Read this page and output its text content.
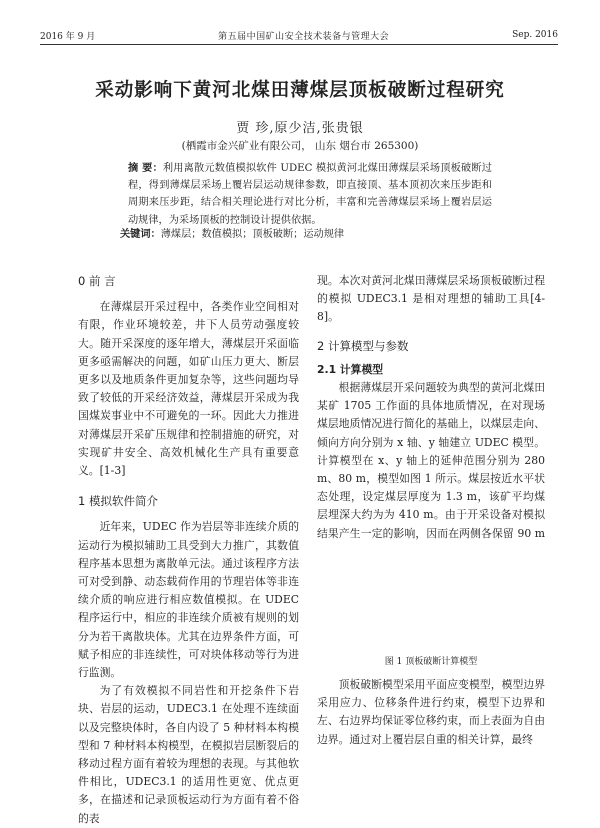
2016 年 9 月	第五届中国矿山安全技术装备与管理大会	Sep. 2016
采动影响下黄河北煤田薄煤层顶板破断过程研究
贾 珍,原少洁,张贵银
(栖霞市金兴矿业有限公司， 山东 烟台市 265300)
摘 要：利用离散元数值模拟软件 UDEC 模拟黄河北煤田薄煤层采场顶板破断过程，得到薄煤层采场上覆岩层运动规律参数，即直接顶、基本顶初次来压步距和周期来压步距，结合相关理论进行对比分析，丰富和完善薄煤层采场上覆岩层运动规律，为采场顶板的控制设计提供依据。
关键词：薄煤层；数值模拟；顶板破断；运动规律

0 前 言

在薄煤层开采过程中，各类作业空间相对有限，作业环境较差，井下人员劳动强度较大。随开采深度的逐年增大，薄煤层开采面临更多亟需解决的问题，如矿山压力更大、断层更多以及地质条件更加复杂等，这些问题均导致了较低的开采经济效益，薄煤层开采成为我国煤炭事业中不可避免的一环。因此大力推进对薄煤层开采矿压规律和控制措施的研究，对实现矿井安全、高效机械化生产具有重要意义。[1-3]

1 模拟软件简介

近年来，UDEC 作为岩层等非连续介质的运动行为模拟辅助工具受到大力推广，其数值程序基本思想为离散单元法。通过该程序方法可对受到静、动态载荷作用的节理岩体等非连续介质的响应进行相应数值模拟。在 UDEC 程序运行中，相应的非连续介质被有规则的划分为若干离散块体。尤其在边界条件方面，可赋予相应的非连续性，可对块体移动等行为进行监测。

为了有效模拟不同岩性和开挖条件下岩块、岩层的运动，UDEC3.1 在处理不连续面以及完整块体时，各自内设了 5 种材料本构模型和 7 种材料本构模型，在模拟岩层断裂后的移动过程方面有着较为理想的表现。与其他软件相比，UDEC3.1 的适用性更宽、优点更多，在描述和记录顶板运动行为方面有着不俗的表

现。本次对黄河北煤田薄煤层采场顶板破断过程的模拟 UDEC3.1 是相对理想的辅助工具[4-8]。

2 计算模型与参数

2.1 计算模型

根据薄煤层开采问题较为典型的黄河北煤田某矿 1705 工作面的具体地质情况，在对现场煤层地质情况进行简化的基础上，以煤层走向、倾向方向分别为 x 轴、y 轴建立 UDEC 模型。计算模型在 x、y 轴上的延伸范围分别为 280 m、80 m，模型如图 1 所示。煤层按近水平状态处理，设定煤层厚度为 1.3 m，该矿平均煤层埋深大约为为 410 m。由于开采设备对模拟结果产生一定的影响，因而在两侧各保留 90 m

图 1 顶板破断计算模型

顶板破断模型采用平面应变模型，模型边界采用应力、位移条件进行约束，模型下边界和左、右边界均保证零位移约束，而上表面为自由边界。通过对上覆岩层自重的相关计算，最终
